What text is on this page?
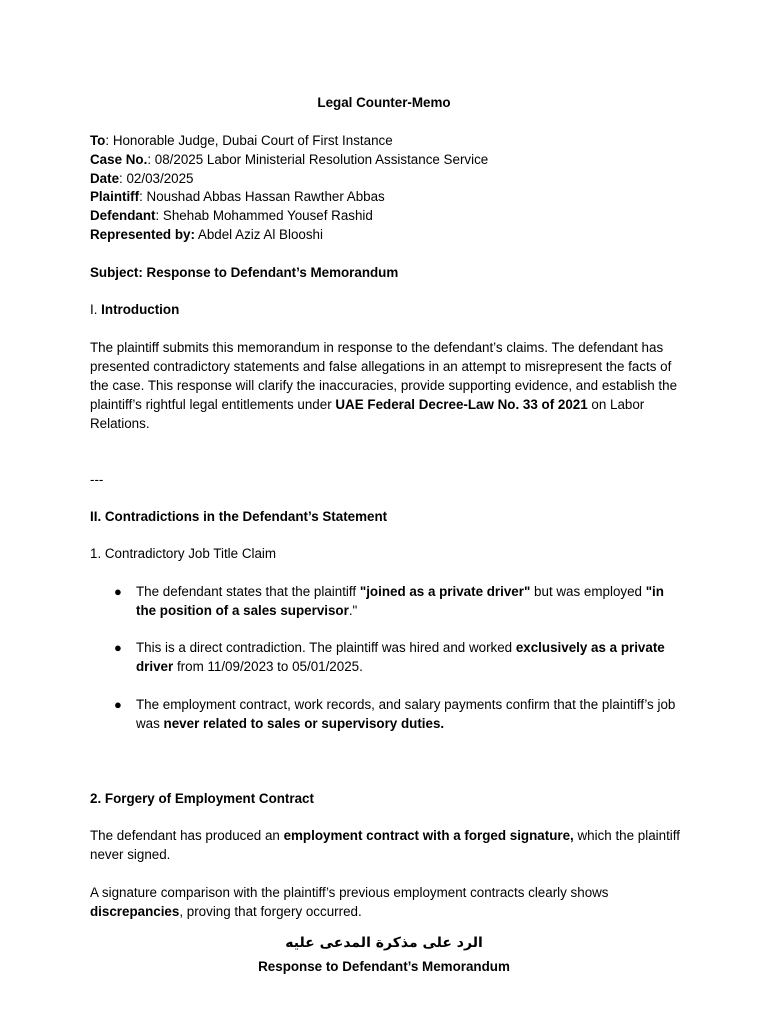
Legal Counter-Memo
To: Honorable Judge, Dubai Court of First Instance
Case No.: 08/2025 Labor Ministerial Resolution Assistance Service
Date: 02/03/2025
Plaintiff: Noushad Abbas Hassan Rawther Abbas
Defendant: Shehab Mohammed Yousef Rashid
Represented by: Abdel Aziz Al Blooshi
Subject: Response to Defendant’s Memorandum
I. Introduction
The plaintiff submits this memorandum in response to the defendant’s claims. The defendant has presented contradictory statements and false allegations in an attempt to misrepresent the facts of the case. This response will clarify the inaccuracies, provide supporting evidence, and establish the plaintiff’s rightful legal entitlements under UAE Federal Decree-Law No. 33 of 2021 on Labor Relations.
---
II. Contradictions in the Defendant’s Statement
1. Contradictory Job Title Claim
● The defendant states that the plaintiff "joined as a private driver" but was employed "in the position of a sales supervisor."
● This is a direct contradiction. The plaintiff was hired and worked exclusively as a private driver from 11/09/2023 to 05/01/2025.
● The employment contract, work records, and salary payments confirm that the plaintiff’s job was never related to sales or supervisory duties.
2. Forgery of Employment Contract
The defendant has produced an employment contract with a forged signature, which the plaintiff never signed.
A signature comparison with the plaintiff’s previous employment contracts clearly shows discrepancies, proving that forgery occurred.
الرد على مذكرة المدعى عليه
Response to Defendant’s Memorandum
